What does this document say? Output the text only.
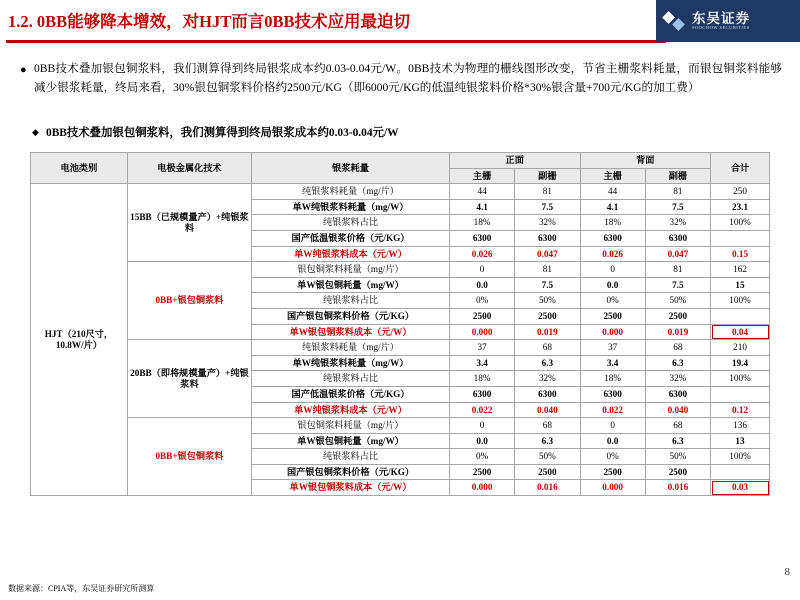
1.2. 0BB能够降本增效，对HJT而言0BB技术应用最迫切	东吴证券
SOOCHOW SECURITIES
● 0BB技术叠加银包铜浆料，我们测算得到终局银浆成本约0.03-0.04元/W。0BB技术为物理的栅线图形改变，节省主栅浆料耗量，而银包铜浆料能够减少银浆耗量，终局来看，30%银包铜浆料价格约2500元/KG（即6000元/KG的低温纯银浆料价格*30%银含量+700元/KG的加工费）
◆ 0BB技术叠加银包铜浆料，我们测算得到终局银浆成本约0.03-0.04元/W
电池类别	电极金属化技术	银浆耗量	正面		背面		合计
			主栅	副栅	主栅	副栅	
HJT（210尺寸，10.8W/片）	15BB（已规模量产）+纯银浆料	纯银浆料耗量（mg/片）	44	81	44	81	250
		单W纯银浆料耗量（mg/W）	4.1	7.5	4.1	7.5	23.1
		纯银浆料占比	18%	32%	18%	32%	100%
		国产低温银浆价格（元/KG）	6300	6300	6300	6300	
		单W纯银浆料成本（元/W）	0.026	0.047	0.026	0.047	0.15
	0BB+银包铜浆料	银包铜浆料耗量（mg/片）	0	81	0	81	162
		单W银包铜耗量（mg/W）	0.0	7.5	0.0	7.5	15
		纯银浆料占比	0%	50%	0%	50%	100%
		国产银包铜浆料价格（元/KG）	2500	2500	2500	2500	
		单W银包铜浆料成本（元/W）	0.000	0.019	0.000	0.019	0.04
	20BB（即将规模量产）+纯银浆料	纯银浆料耗量（mg/片）	37	68	37	68	210
		单W纯银浆料耗量（mg/W）	3.4	6.3	3.4	6.3	19.4
		纯银浆料占比	18%	32%	18%	32%	100%
		国产低温银浆价格（元/KG）	6300	6300	6300	6300	
		单W纯银浆料成本（元/W）	0.022	0.040	0.022	0.040	0.12
	0BB+银包铜浆料	银包铜浆料耗量（mg/片）	0	68	0	68	136
		单W银包铜耗量（mg/W）	0.0	6.3	0.0	6.3	13
		纯银浆料占比	0%	50%	0%	50%	100%
		国产银包铜浆料价格（元/KG）	2500	2500	2500	2500	
		单W银包铜浆料成本（元/W）	0.000	0.016	0.000	0.016	0.03
数据来源：CPIA等，东吴证券研究所测算
8
